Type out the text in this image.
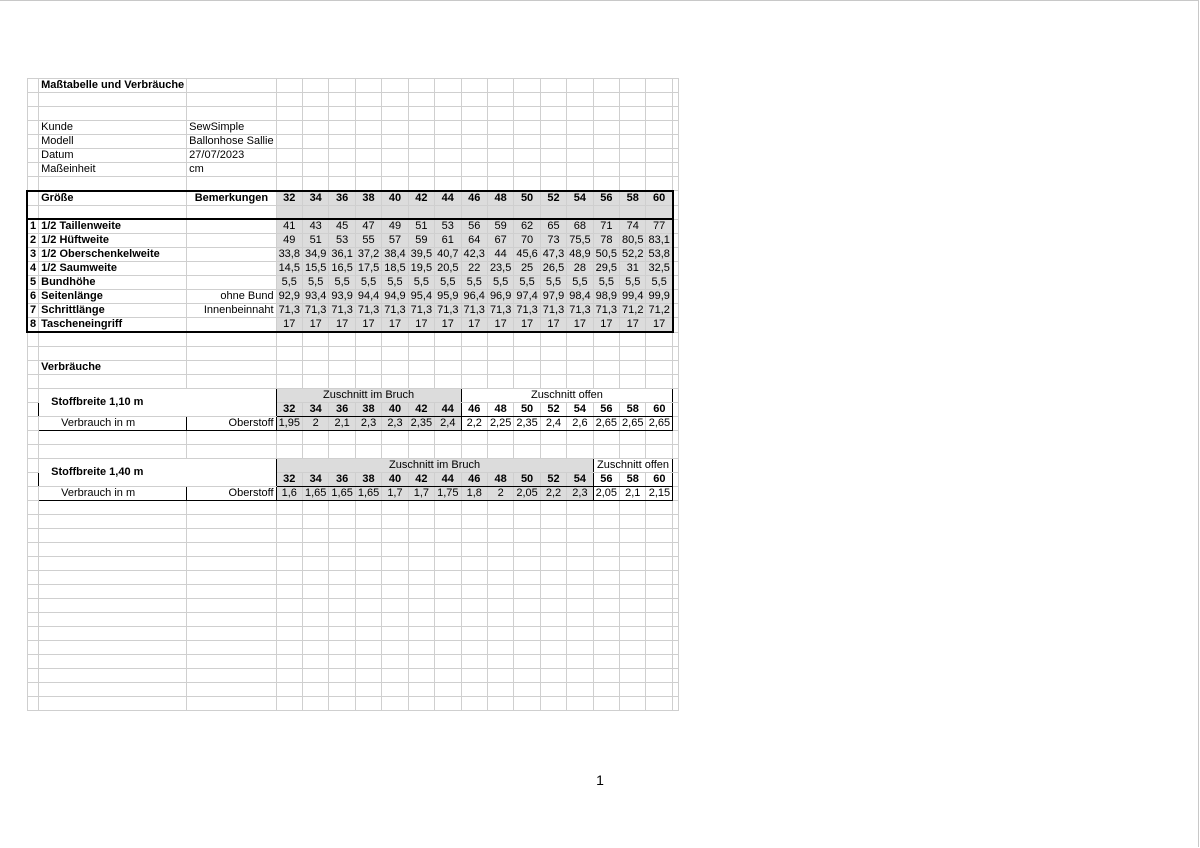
	Maßtabelle und Verbräuche																	

	Kunde	SewSimple																
	Modell	Ballonhose Sallie																
	Datum	27/07/2023																
	Maßeinheit	cm																

	Größe	Bemerkungen	32	34	36	38	40	42	44	46	48	50	52	54	56	58	60	

1	1/2 Taillenweite		41	43	45	47	49	51	53	56	59	62	65	68	71	74	77	
2	1/2 Hüftweite		49	51	53	55	57	59	61	64	67	70	73	75,5	78	80,5	83,1	
3	1/2 Oberschenkelweite		33,8	34,9	36,1	37,2	38,4	39,5	40,7	42,3	44	45,6	47,3	48,9	50,5	52,2	53,8	
4	1/2 Saumweite		14,5	15,5	16,5	17,5	18,5	19,5	20,5	22	23,5	25	26,5	28	29,5	31	32,5	
5	Bundhöhe		5,5	5,5	5,5	5,5	5,5	5,5	5,5	5,5	5,5	5,5	5,5	5,5	5,5	5,5	5,5	
6	Seitenlänge	ohne Bund	92,9	93,4	93,9	94,4	94,9	95,4	95,9	96,4	96,9	97,4	97,9	98,4	98,9	99,4	99,9	
7	Schrittlänge	Innenbeinnaht	71,3	71,3	71,3	71,3	71,3	71,3	71,3	71,3	71,3	71,3	71,3	71,3	71,3	71,2	71,2	
8	Tascheneingriff		17	17	17	17	17	17	17	17	17	17	17	17	17	17	17	

	Verbräuche																	

	Stoffbreite 1,10 m		Zuschnitt im Bruch							Zuschnitt offen								
			32	34	36	38	40	42	44	46	48	50	52	54	56	58	60	
	Verbrauch in m	Oberstoff	1,95	2	2,1	2,3	2,3	2,35	2,4	2,2	2,25	2,35	2,4	2,6	2,65	2,65	2,65	

	Stoffbreite 1,40 m		Zuschnitt im Bruch												Zuschnitt offen			
			32	34	36	38	40	42	44	46	48	50	52	54	56	58	60	
	Verbrauch in m	Oberstoff	1,6	1,65	1,65	1,65	1,7	1,7	1,75	1,8	2	2,05	2,2	2,3	2,05	2,1	2,15	

1
